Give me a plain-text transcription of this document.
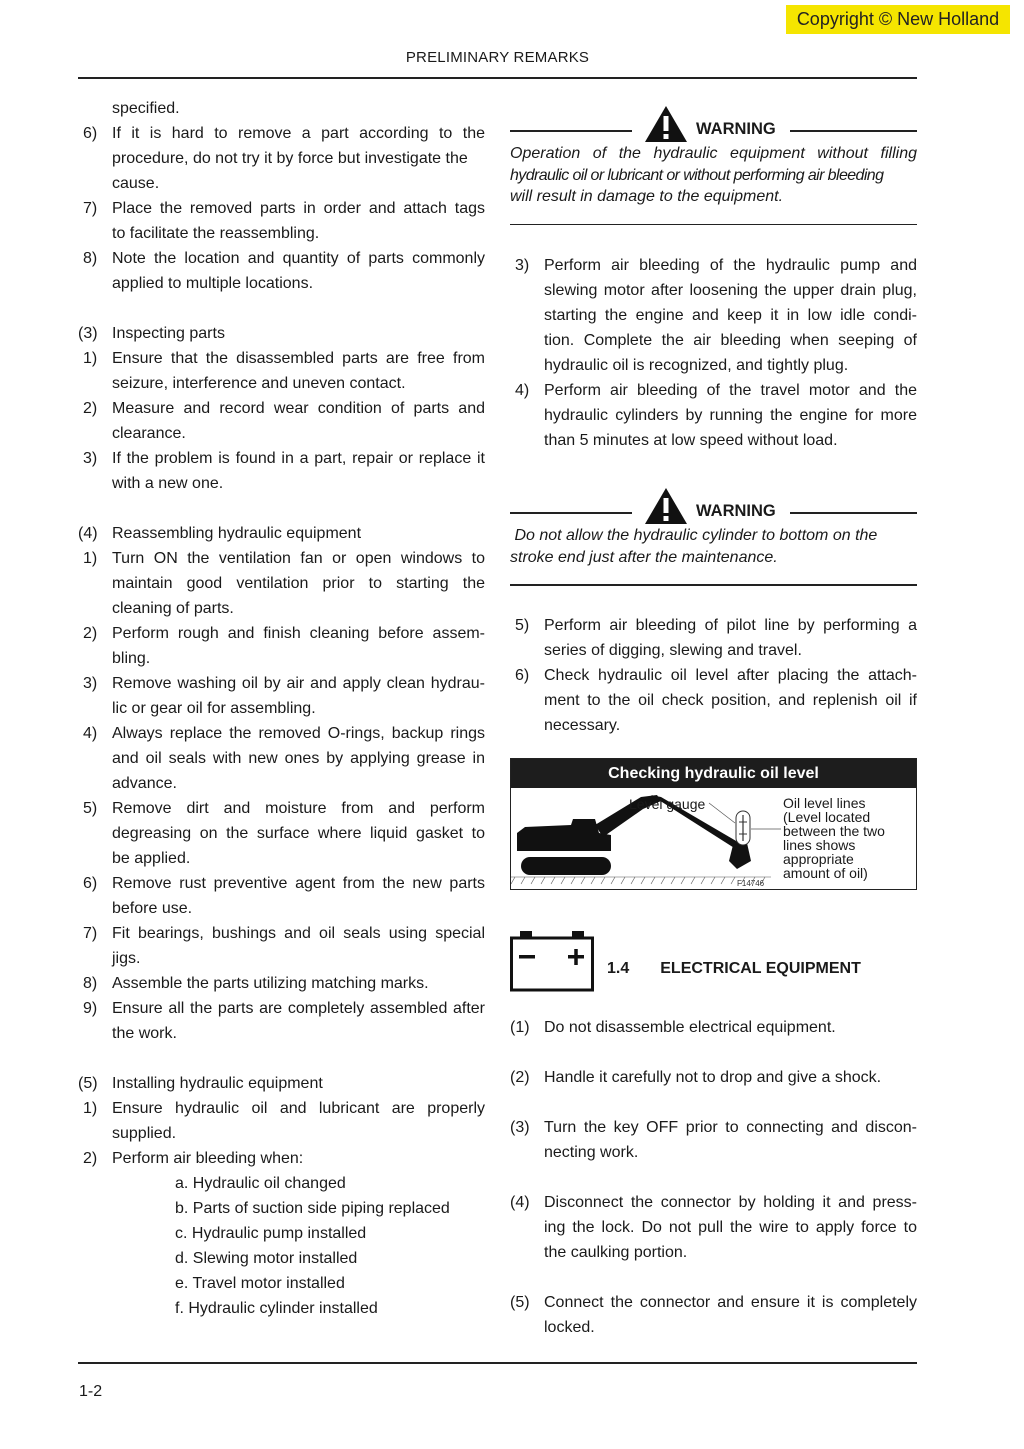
Copyright © New Holland
PRELIMINARY REMARKS
specified.
6) If it is hard to remove a part according to the
procedure, do not try it by force but investigate the
cause.
7) Place the removed parts in order and attach tags
to facilitate the reassembling.
8) Note the location and quantity of parts commonly
applied to multiple locations.
(3) Inspecting parts
1) Ensure that the disassembled parts are free from
seizure, interference and uneven contact.
2) Measure and record wear condition of parts and
clearance.
3) If the problem is found in a part, repair or replace it
with a new one.
(4) Reassembling hydraulic equipment
1) Turn ON the ventilation fan or open windows to
maintain good ventilation prior to starting the
cleaning of parts.
2) Perform rough and finish cleaning before assem-
bling.
3) Remove washing oil by air and apply clean hydrau-
lic or gear oil for assembling.
4) Always replace the removed O-rings, backup rings
and oil seals with new ones by applying grease in
advance.
5) Remove dirt and moisture from and perform
degreasing on the surface where liquid gasket to
be applied.
6) Remove rust preventive agent from the new parts
before use.
7) Fit bearings, bushings and oil seals using special
jigs.
8) Assemble the parts utilizing matching marks.
9) Ensure all the parts are completely assembled after
the work.
(5) Installing hydraulic equipment
1) Ensure hydraulic oil and lubricant are properly
supplied.
2) Perform air bleeding when:
a. Hydraulic oil changed
b. Parts of suction side piping replaced
c. Hydraulic pump installed
d. Slewing motor installed
e. Travel motor installed
f. Hydraulic cylinder installed
WARNING
Operation of the hydraulic equipment without filling
hydraulic oil or lubricant or without performing air bleeding
will result in damage to the equipment.
3) Perform air bleeding of the hydraulic pump and
slewing motor after loosening the upper drain plug,
starting the engine and keep it in low idle condi-
tion. Complete the air bleeding when seeping of
hydraulic oil is recognized, and tightly plug.
4) Perform air bleeding of the travel motor and the
hydraulic cylinders by running the engine for more
than 5 minutes at low speed without load.
WARNING
Do not allow the hydraulic cylinder to bottom on the
stroke end just after the maintenance.
5) Perform air bleeding of pilot line by performing a
series of digging, slewing and travel.
6) Check hydraulic oil level after placing the attach-
ment to the oil check position, and replenish oil if
necessary.
Checking hydraulic oil level
Level gauge	Oil level lines
(Level located
between the two
lines shows
appropriate
amount of oil)
F14746
1.4 ELECTRICAL EQUIPMENT
(1) Do not disassemble electrical equipment.
(2) Handle it carefully not to drop and give a shock.
(3) Turn the key OFF prior to connecting and discon-
necting work.
(4) Disconnect the connector by holding it and press-
ing the lock. Do not pull the wire to apply force to
the caulking portion.
(5) Connect the connector and ensure it is completely
locked.
1-2
